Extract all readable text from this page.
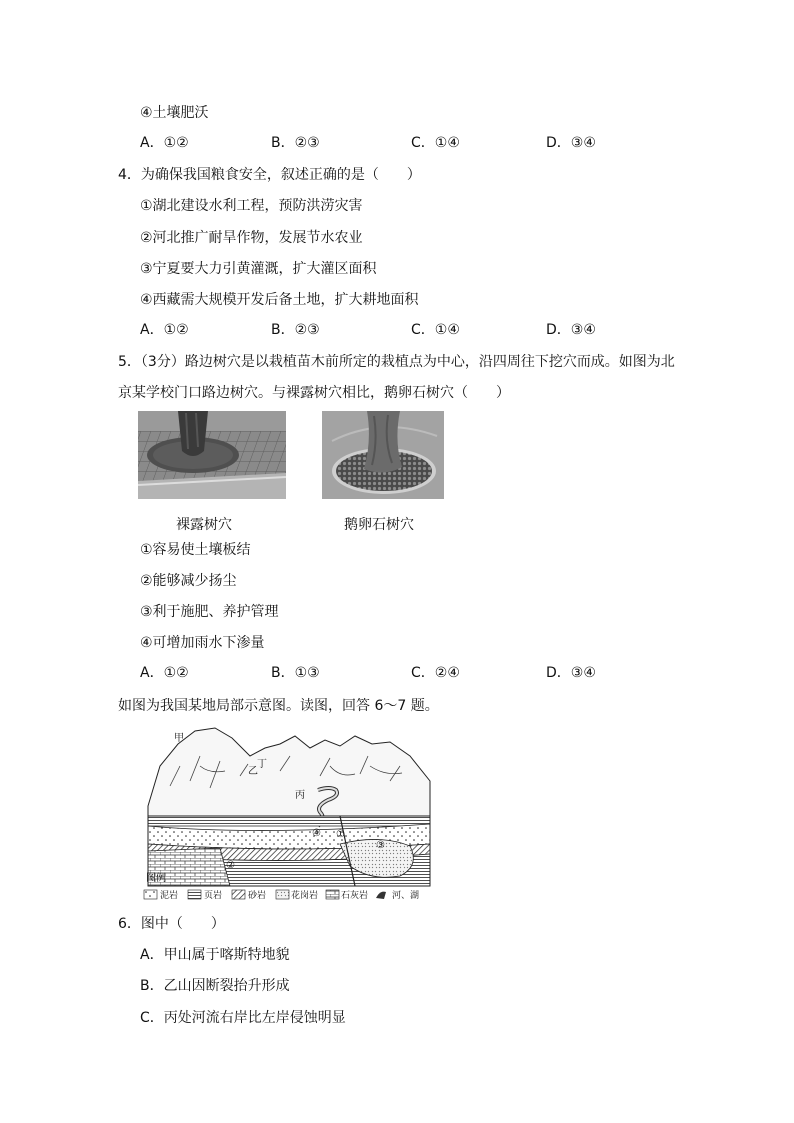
④土壤肥沃
A．①②	B．②③	C．①④	D．③④
4．为确保我国粮食安全，叙述正确的是（　　）
①湖北建设水利工程，预防洪涝灾害
②河北推广耐旱作物，发展节水农业
③宁夏要大力引黄灌溉，扩大灌区面积
④西藏需大规模开发后备土地，扩大耕地面积
A．①②	B．②③	C．①④	D．③④
5．（3分）路边树穴是以栽植苗木前所定的栽植点为中心，沿四周往下挖穴而成。如图为北
京某学校门口路边树穴。与裸露树穴相比，鹅卵石树穴（　　）
裸露树穴	鹅卵石树穴
①容易使土壤板结
②能够减少扬尘
③利于施肥、养护管理
④可增加雨水下渗量
A．①②	B．①③	C．②④	D．③④
如图为我国某地局部示意图。读图，回答 6～7 题。
甲
乙
丙
丁
①
②
③
④
图例
泥岩	页岩	砂岩	花岗岩	石灰岩	河、湖
6．图中（　　）
A．甲山属于喀斯特地貌
B．乙山因断裂抬升形成
C．丙处河流右岸比左岸侵蚀明显
